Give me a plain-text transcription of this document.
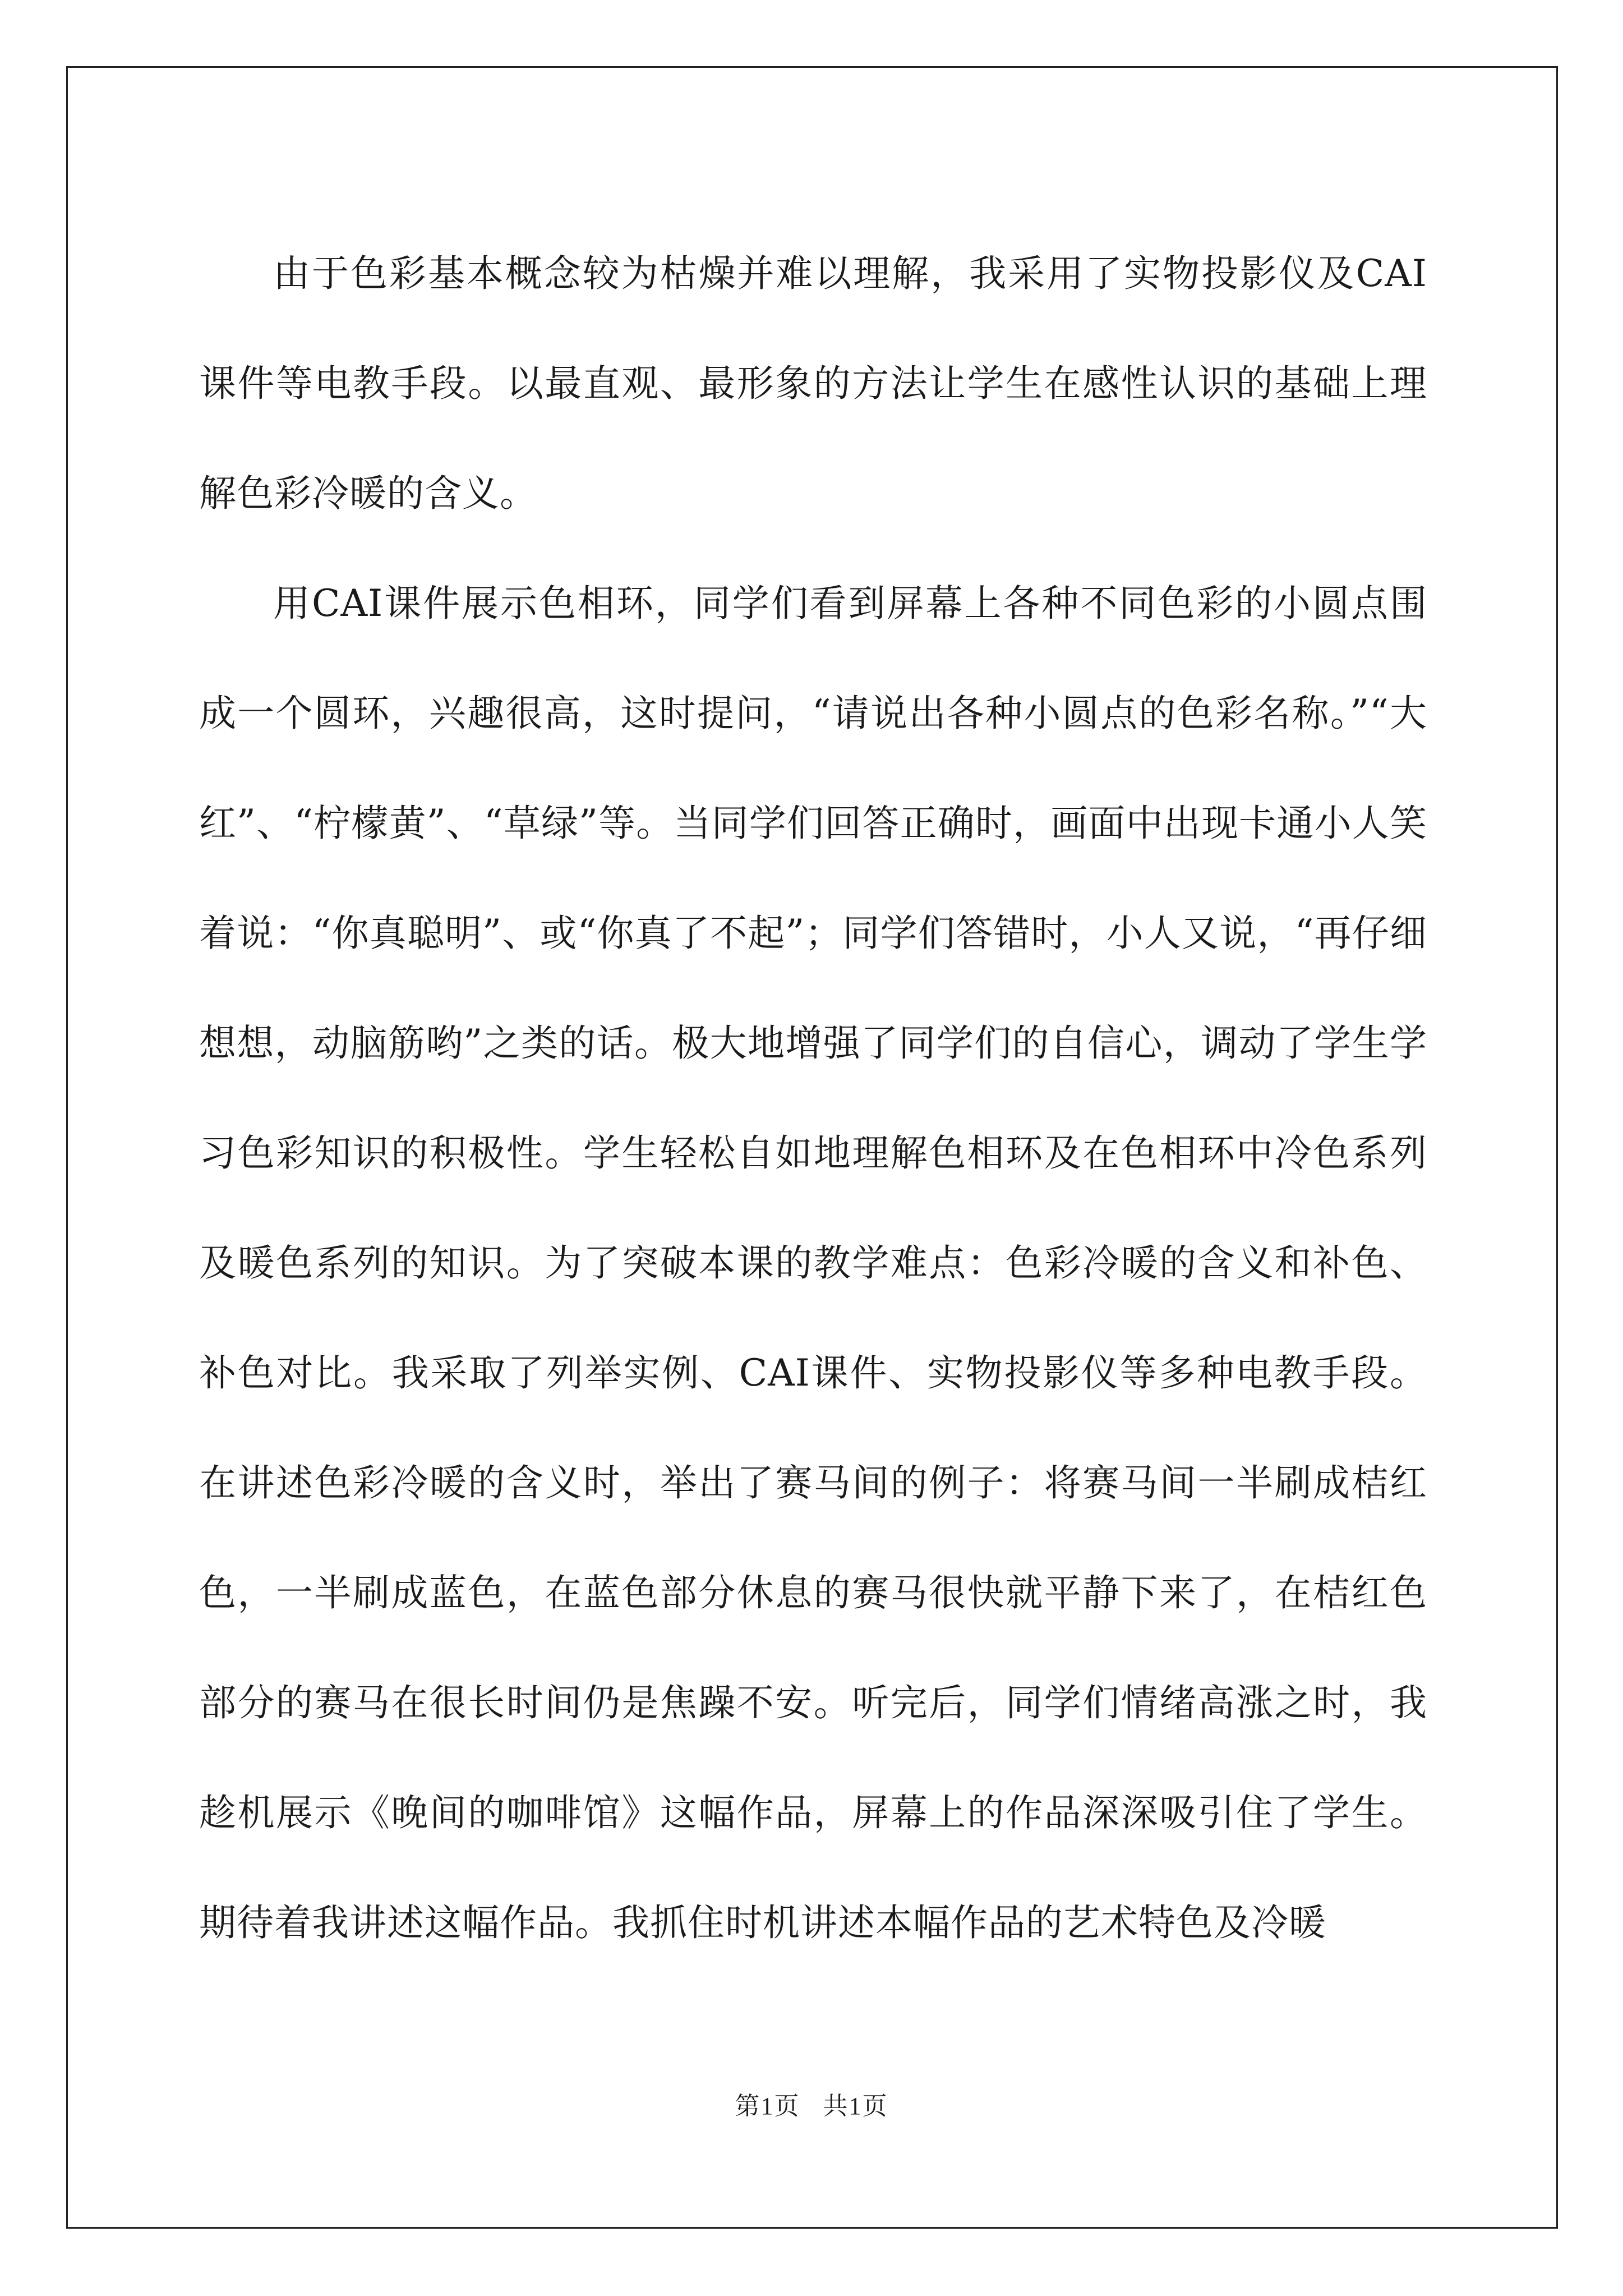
由于色彩基本概念较为枯燥并难以理解，我采用了实物投影仪及CAI课件等电教手段。以最直观、最形象的方法让学生在感性认识的基础上理解色彩冷暖的含义。

用CAI课件展示色相环，同学们看到屏幕上各种不同色彩的小圆点围成一个圆环，兴趣很高，这时提问，“请说出各种小圆点的色彩名称。”“大红”、“柠檬黄”、“草绿”等。当同学们回答正确时，画面中出现卡通小人笑着说：“你真聪明”、或“你真了不起”；同学们答错时，小人又说，“再仔细想想，动脑筋哟”之类的话。极大地增强了同学们的自信心，调动了学生学习色彩知识的积极性。学生轻松自如地理解色相环及在色相环中冷色系列及暖色系列的知识。为了突破本课的教学难点：色彩冷暖的含义和补色、补色对比。我采取了列举实例、CAI课件、实物投影仪等多种电教手段。在讲述色彩冷暖的含义时，举出了赛马间的例子：将赛马间一半刷成桔红色，一半刷成蓝色，在蓝色部分休息的赛马很快就平静下来了，在桔红色部分的赛马在很长时间仍是焦躁不安。听完后，同学们情绪高涨之时，我趁机展示《晚间的咖啡馆》这幅作品，屏幕上的作品深深吸引住了学生。期待着我讲述这幅作品。我抓住时机讲述本幅作品的艺术特色及冷暖

第1页 共1页
